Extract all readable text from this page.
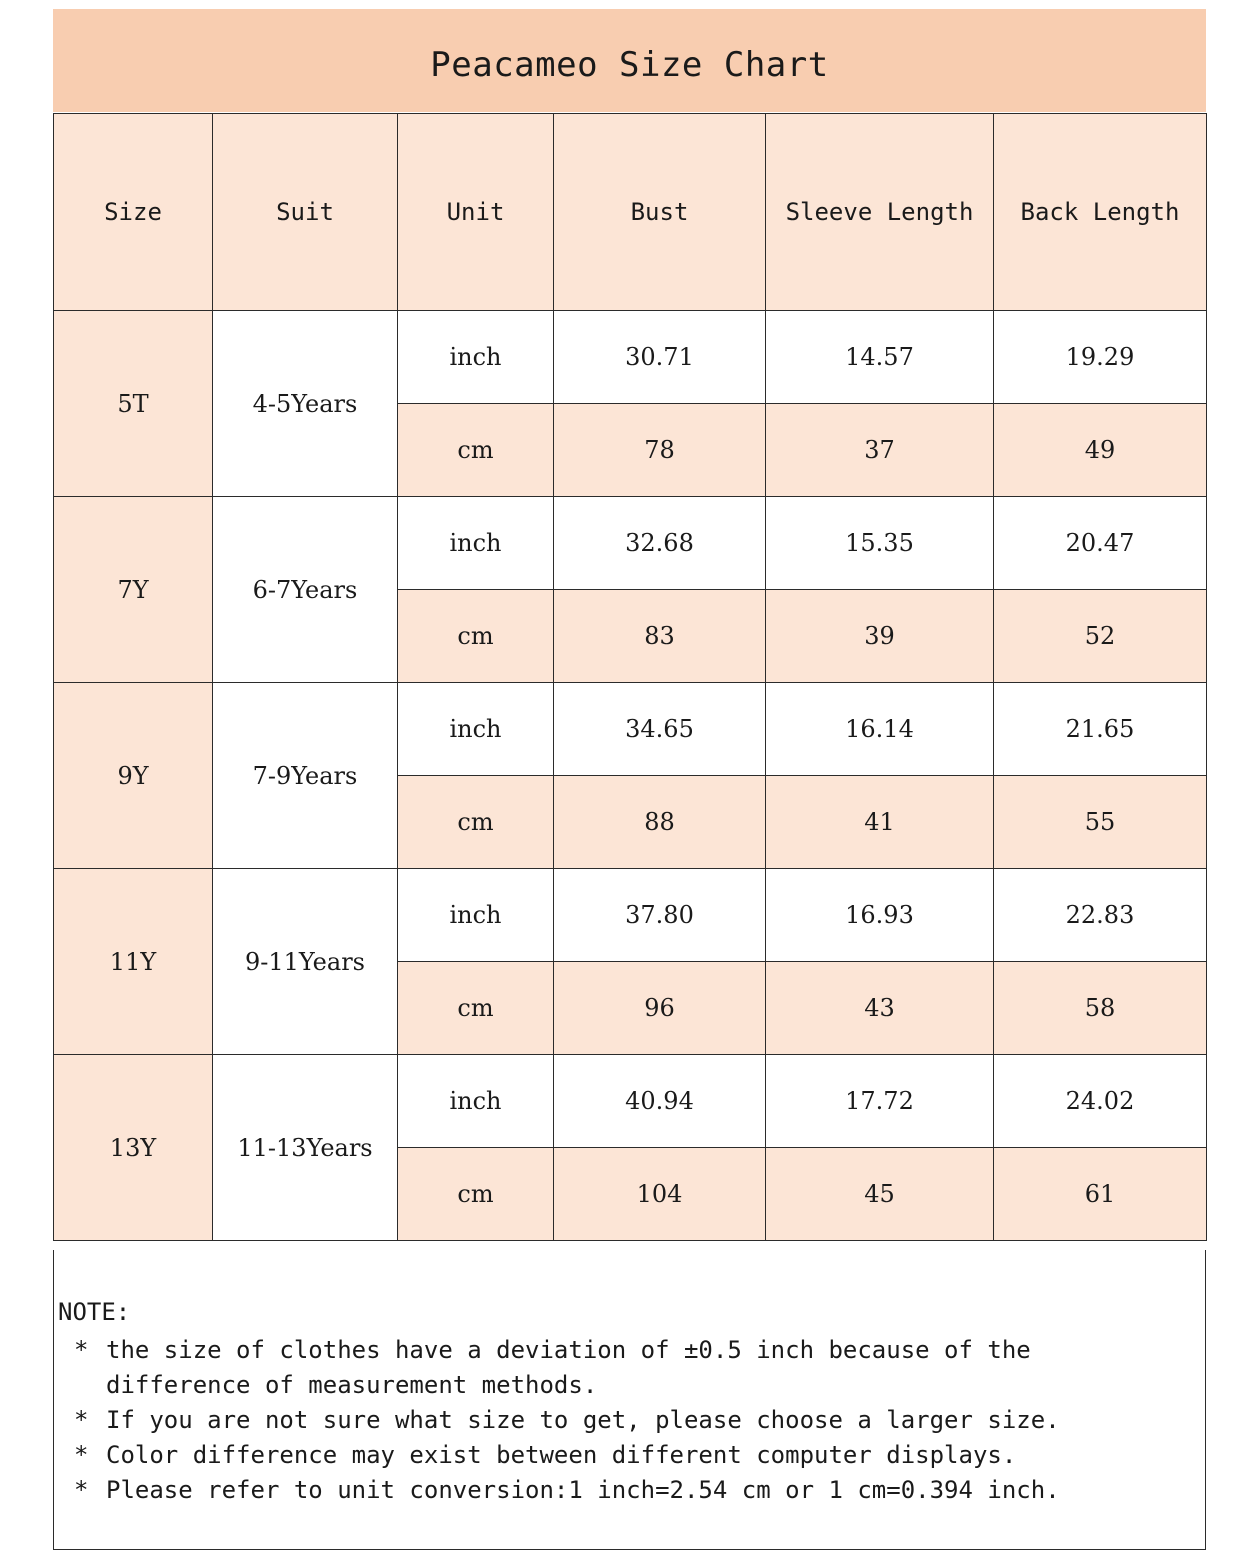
Peacameo Size Chart
Size	Suit	Unit	Bust	Sleeve Length	Back Length
5T	4-5Years	inch	30.71	14.57	19.29
		cm	78	37	49
7Y	6-7Years	inch	32.68	15.35	20.47
		cm	83	39	52
9Y	7-9Years	inch	34.65	16.14	21.65
		cm	88	41	55
11Y	9-11Years	inch	37.80	16.93	22.83
		cm	96	43	58
13Y	11-13Years	inch	40.94	17.72	24.02
		cm	104	45	61
NOTE:
* the size of clothes have a deviation of ±0.5 inch because of the difference of measurement methods.
* If you are not sure what size to get, please choose a larger size.
* Color difference may exist between different computer displays.
* Please refer to unit conversion:1 inch=2.54 cm or 1 cm=0.394 inch.
